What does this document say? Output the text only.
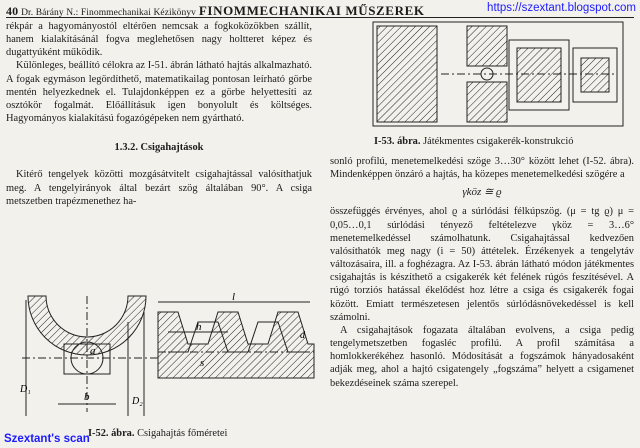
40 Dr. Bárány N.: Finommechanikai Kézikönyv FINOMMECHANIKAI MŰSZEREK	https://szextant.blogspot.com

rékpár a hagyományostól eltérően nemcsak a fogkoközökben szállít, hanem kialakításánál fogva meglehetősen nagy holtteret képez és dugattyúként működik.

Különleges, beállító célokra az I-51. ábrán látható hajtás alkalmazható. A fogak egymáson legördíthető, matematikailag pontosan leírható görbe mentén helyezkednek el. Tulajdonképpen ez a görbe helyettesíti az osztókör fogalmát. Előállításuk igen bonyolult és költséges. Hagyományos kialakítású fogazógépeken nem gyártható.

1.3.2. Csigahajtások

Kitérő tengelyek közötti mozgásátvitelt csigahajtással valósíthatjuk meg. A tengelyirányok által bezárt szög általában 90°. A csiga metszetben trapézmenethez ha-

I-53. ábra. Játékmentes csigakerék-konstrukció

sonló profilú, menetemelkedési szöge 3…30° között lehet (I-52. ábra). Mindenképpen önzáró a hajtás, ha közepes menetemelkedési szögére a

γköz ≅ ϱ

összefüggés érvényes, ahol ϱ a súrlódási félkúpszög. (μ = tg ϱ) μ = 0,05…0,1 súrlódási tényező feltételezve γköz = 3…6° menetemelkedéssel számolhatunk. Csigahajtással kedvezően valósíthatók meg nagy (i = 50) áttételek. Érzékenyek a tengelytáv változásaira, ill. a foghézagra. Az I-53. ábrán látható módon játékmentes csigahajtás is készíthető a csigakerék két felének rúgós feszítésével. A rúgó torziós hatással ékelődést hoz létre a csiga és csigakerék fogai között. Emiatt természetesen jelentős súrlódásnövekedéssel is kell számolni.

A csigahajtások fogazata általában evolvens, a csiga pedig tengelymetszetben fogasléc profilú. A profil számítása a homlokkerékéhez hasonló. Módosítását a fogszámok hányadosaként adják meg, ahol a hajtó csigatengely „fogszáma” helyett a csigamenet bekezdéseinek száma szerepel.

l
h
s
b
a
D₁
D₂
d
I-52. ábra. Csigahajtás főméretei
Szextant's scan
